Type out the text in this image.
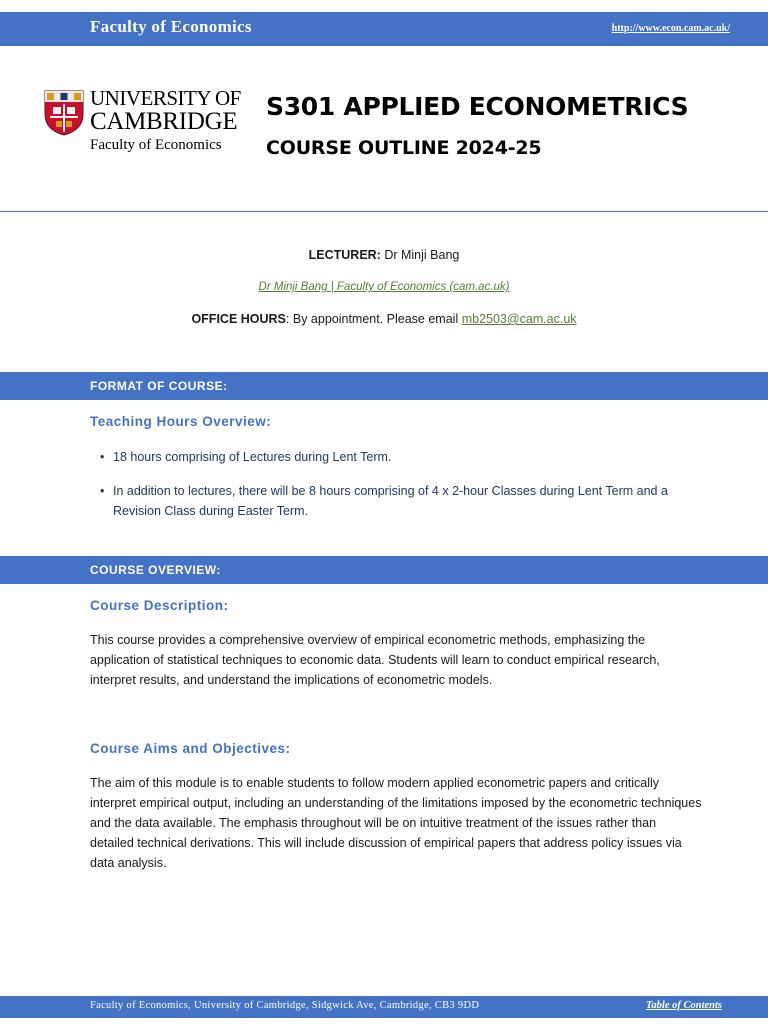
Faculty of Economics	http://www.econ.cam.ac.uk/
UNIVERSITY OF
CAMBRIDGE
Faculty of Economics
S301 APPLIED ECONOMETRICS
COURSE OUTLINE 2024-25
LECTURER: Dr Minji Bang
Dr Minji Bang | Faculty of Economics (cam.ac.uk)
OFFICE HOURS: By appointment. Please email mb2503@cam.ac.uk
FORMAT OF COURSE:
Teaching Hours Overview:
• 18 hours comprising of Lectures during Lent Term.
• In addition to lectures, there will be 8 hours comprising of 4 x 2-hour Classes during Lent Term and a Revision Class during Easter Term.
COURSE OVERVIEW:
Course Description:
This course provides a comprehensive overview of empirical econometric methods, emphasizing the application of statistical techniques to economic data. Students will learn to conduct empirical research, interpret results, and understand the implications of econometric models.
Course Aims and Objectives:
The aim of this module is to enable students to follow modern applied econometric papers and critically interpret empirical output, including an understanding of the limitations imposed by the econometric techniques and the data available. The emphasis throughout will be on intuitive treatment of the issues rather than detailed technical derivations. This will include discussion of empirical papers that address policy issues via data analysis.
Faculty of Economics, University of Cambridge, Sidgwick Ave, Cambridge, CB3 9DD	Table of Contents
